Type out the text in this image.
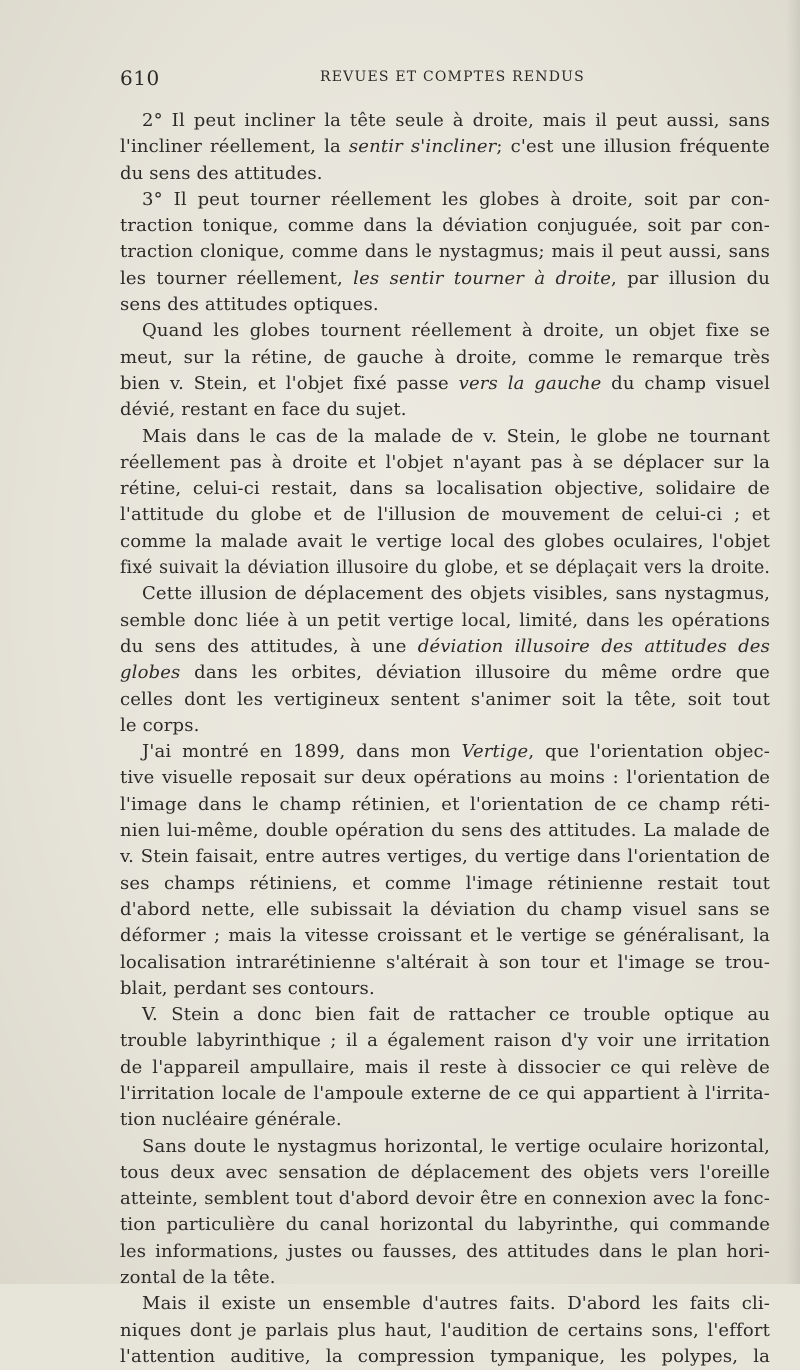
610	REVUES ET COMPTES RENDUS
2° Il peut incliner la tête seule à droite, mais il peut aussi, sans
l'incliner réellement, la sentir s'incliner; c'est une illusion fréquente
du sens des attitudes.
3° Il peut tourner réellement les globes à droite, soit par con-
traction tonique, comme dans la déviation conjuguée, soit par con-
traction clonique, comme dans le nystagmus; mais il peut aussi, sans
les tourner réellement, les sentir tourner à droite, par illusion du
sens des attitudes optiques.
Quand les globes tournent réellement à droite, un objet fixe se
meut, sur la rétine, de gauche à droite, comme le remarque très
bien v. Stein, et l'objet fixé passe vers la gauche du champ visuel
dévié, restant en face du sujet.
Mais dans le cas de la malade de v. Stein, le globe ne tournant
réellement pas à droite et l'objet n'ayant pas à se déplacer sur la
rétine, celui-ci restait, dans sa localisation objective, solidaire de
l'attitude du globe et de l'illusion de mouvement de celui-ci ; et
comme la malade avait le vertige local des globes oculaires, l'objet
fixé suivait la déviation illusoire du globe, et se déplaçait vers la droite.
Cette illusion de déplacement des objets visibles, sans nystagmus,
semble donc liée à un petit vertige local, limité, dans les opérations
du sens des attitudes, à une déviation illusoire des attitudes des
globes dans les orbites, déviation illusoire du même ordre que
celles dont les vertigineux sentent s'animer soit la tête, soit tout
le corps.
J'ai montré en 1899, dans mon Vertige, que l'orientation objec-
tive visuelle reposait sur deux opérations au moins : l'orientation de
l'image dans le champ rétinien, et l'orientation de ce champ réti-
nien lui-même, double opération du sens des attitudes. La malade de
v. Stein faisait, entre autres vertiges, du vertige dans l'orientation de
ses champs rétiniens, et comme l'image rétinienne restait tout
d'abord nette, elle subissait la déviation du champ visuel sans se
déformer ; mais la vitesse croissant et le vertige se généralisant, la
localisation intrarétinienne s'altérait à son tour et l'image se trou-
blait, perdant ses contours.
V. Stein a donc bien fait de rattacher ce trouble optique au
trouble labyrinthique ; il a également raison d'y voir une irritation
de l'appareil ampullaire, mais il reste à dissocier ce qui relève de
l'irritation locale de l'ampoule externe de ce qui appartient à l'irrita-
tion nucléaire générale.
Sans doute le nystagmus horizontal, le vertige oculaire horizontal,
tous deux avec sensation de déplacement des objets vers l'oreille
atteinte, semblent tout d'abord devoir être en connexion avec la fonc-
tion particulière du canal horizontal du labyrinthe, qui commande
les informations, justes ou fausses, des attitudes dans le plan hori-
zontal de la tête.
Mais il existe un ensemble d'autres faits. D'abord les faits cli-
niques dont je parlais plus haut, l'audition de certains sons, l'effort
l'attention auditive, la compression tympanique, les polypes, la
